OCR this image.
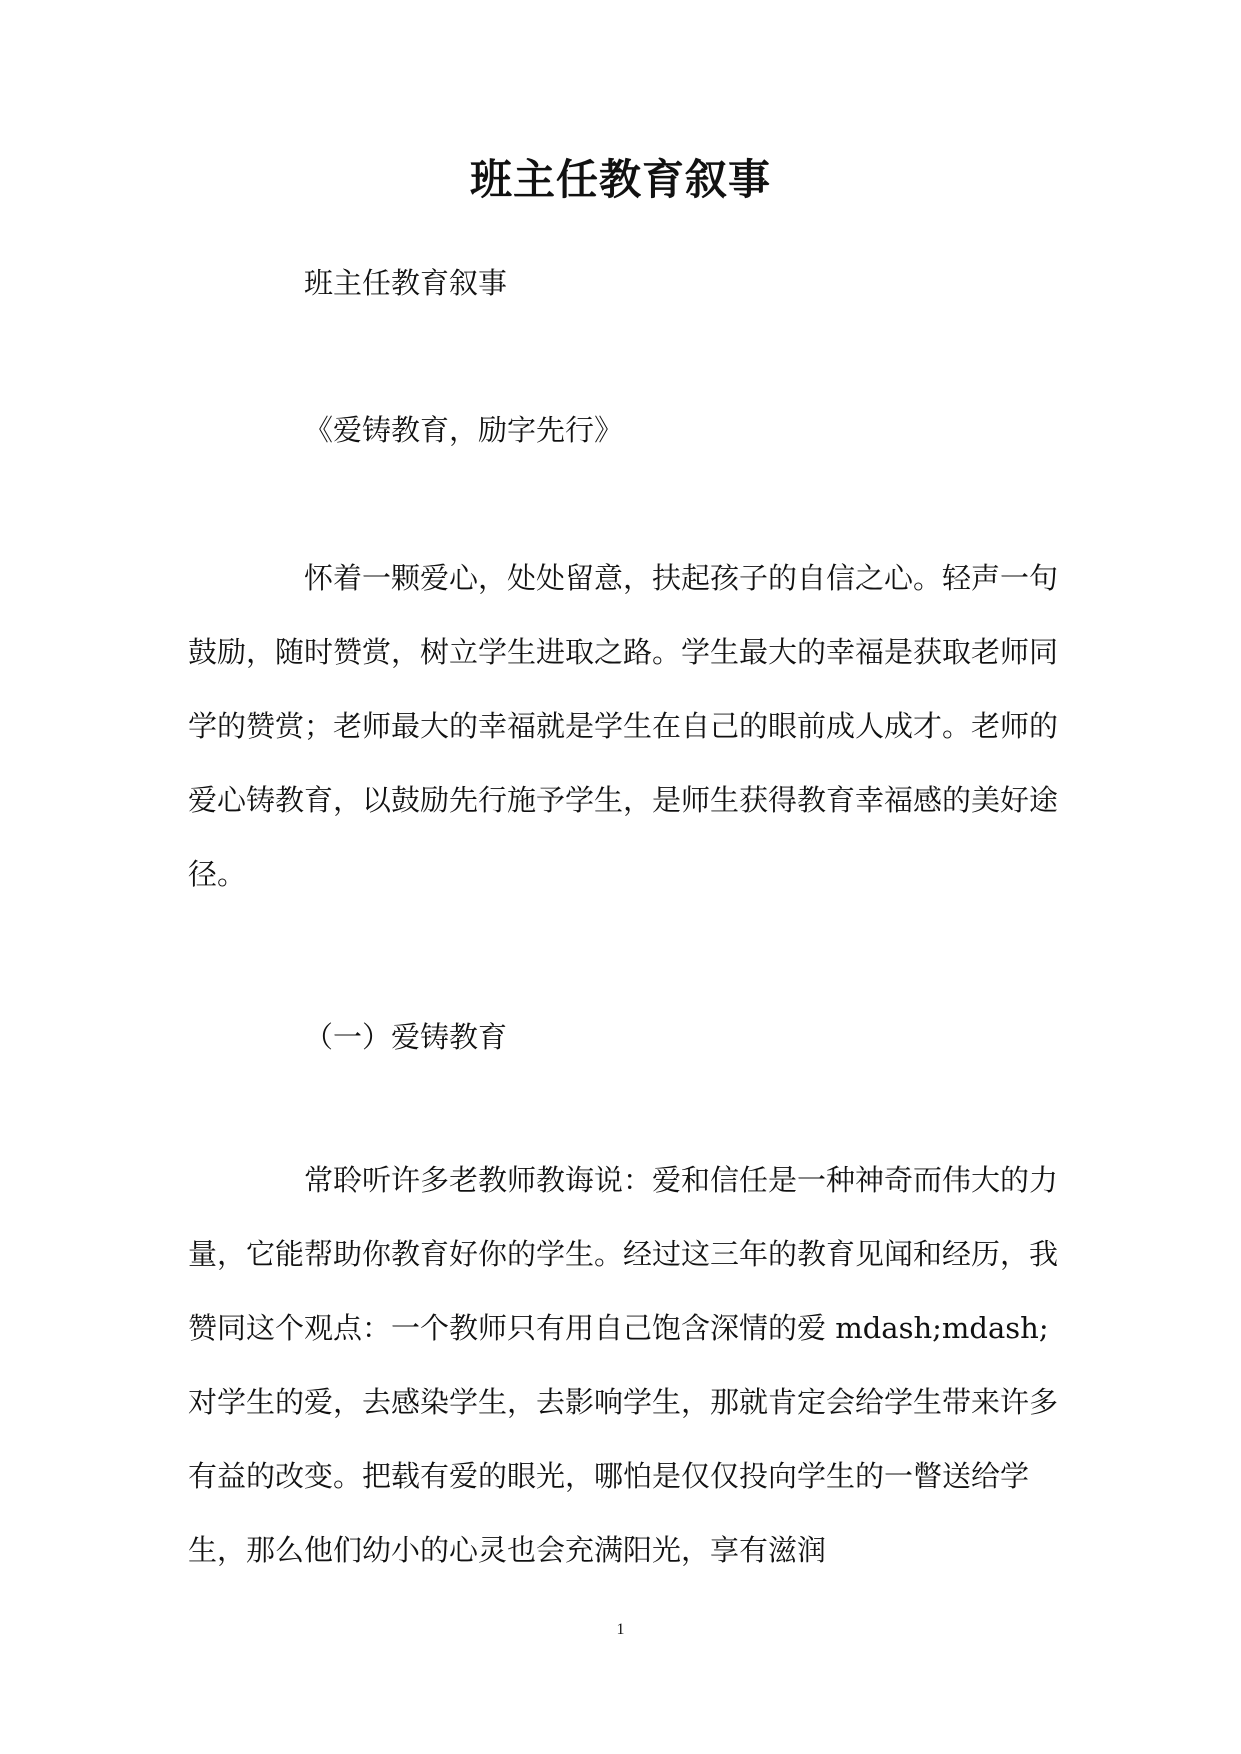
班主任教育叙事
班主任教育叙事
《爱铸教育，励字先行》

怀着一颗爱心，处处留意，扶起孩子的自信之心。轻声一句鼓励，随时赞赏，树立学生进取之路。学生最大的幸福是获取老师同学的赞赏；老师最大的幸福就是学生在自己的眼前成人成才。老师的爱心铸教育，以鼓励先行施予学生，是师生获得教育幸福感的美好途径。

（一）爱铸教育

常聆听许多老教师教诲说：爱和信任是一种神奇而伟大的力量，它能帮助你教育好你的学生。经过这三年的教育见闻和经历，我赞同这个观点：一个教师只有用自己饱含深情的爱 mdash;mdash;对学生的爱，去感染学生，去影响学生，那就肯定会给学生带来许多有益的改变。把载有爱的眼光，哪怕是仅仅投向学生的一瞥送给学生，那么他们幼小的心灵也会充满阳光，享有滋润

1
